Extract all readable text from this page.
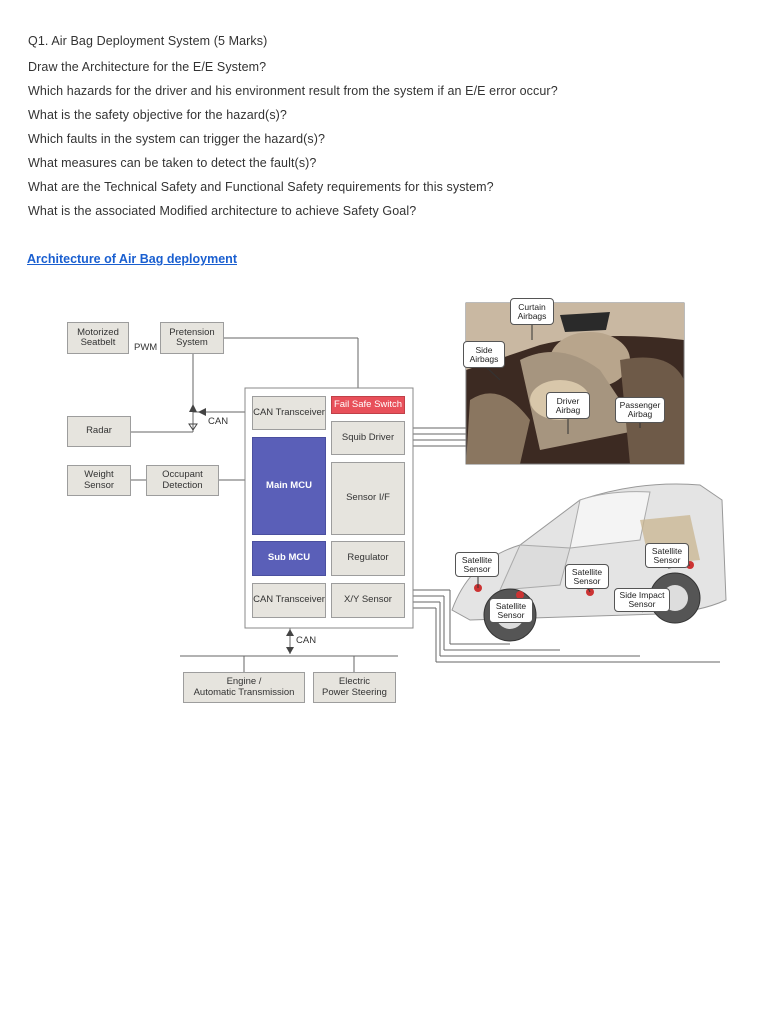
Q1. Air Bag Deployment System (5 Marks)
Draw the Architecture for the E/E System?
Which hazards for the driver and his environment result from the system if an E/E error occur?
What is the safety objective for the hazard(s)?
Which faults in the system can trigger the hazard(s)?
What measures can be taken to detect the fault(s)?
What are the Technical Safety and Functional Safety requirements for this system?
What is the associated Modified architecture to achieve Safety Goal?
Architecture of Air Bag deployment
Motorized
Seatbelt	PWM
Pretension
System
CAN
Radar
Weight
Sensor
Occupant
Detection
CAN Transceiver
Fail Safe Switch
Squib Driver
Main MCU
Sensor I/F
Sub MCU	Regulator
CAN Transceiver	X/Y Sensor
CAN
Engine /
Automatic Transmission
Electric
Power Steering
Curtain
Airbags
Side
Airbags
Driver
Airbag	Passenger
Airbag
Satellite
Sensor	Satellite
Sensor
Satellite
Sensor
Satellite
Sensor
Side Impact
Sensor
